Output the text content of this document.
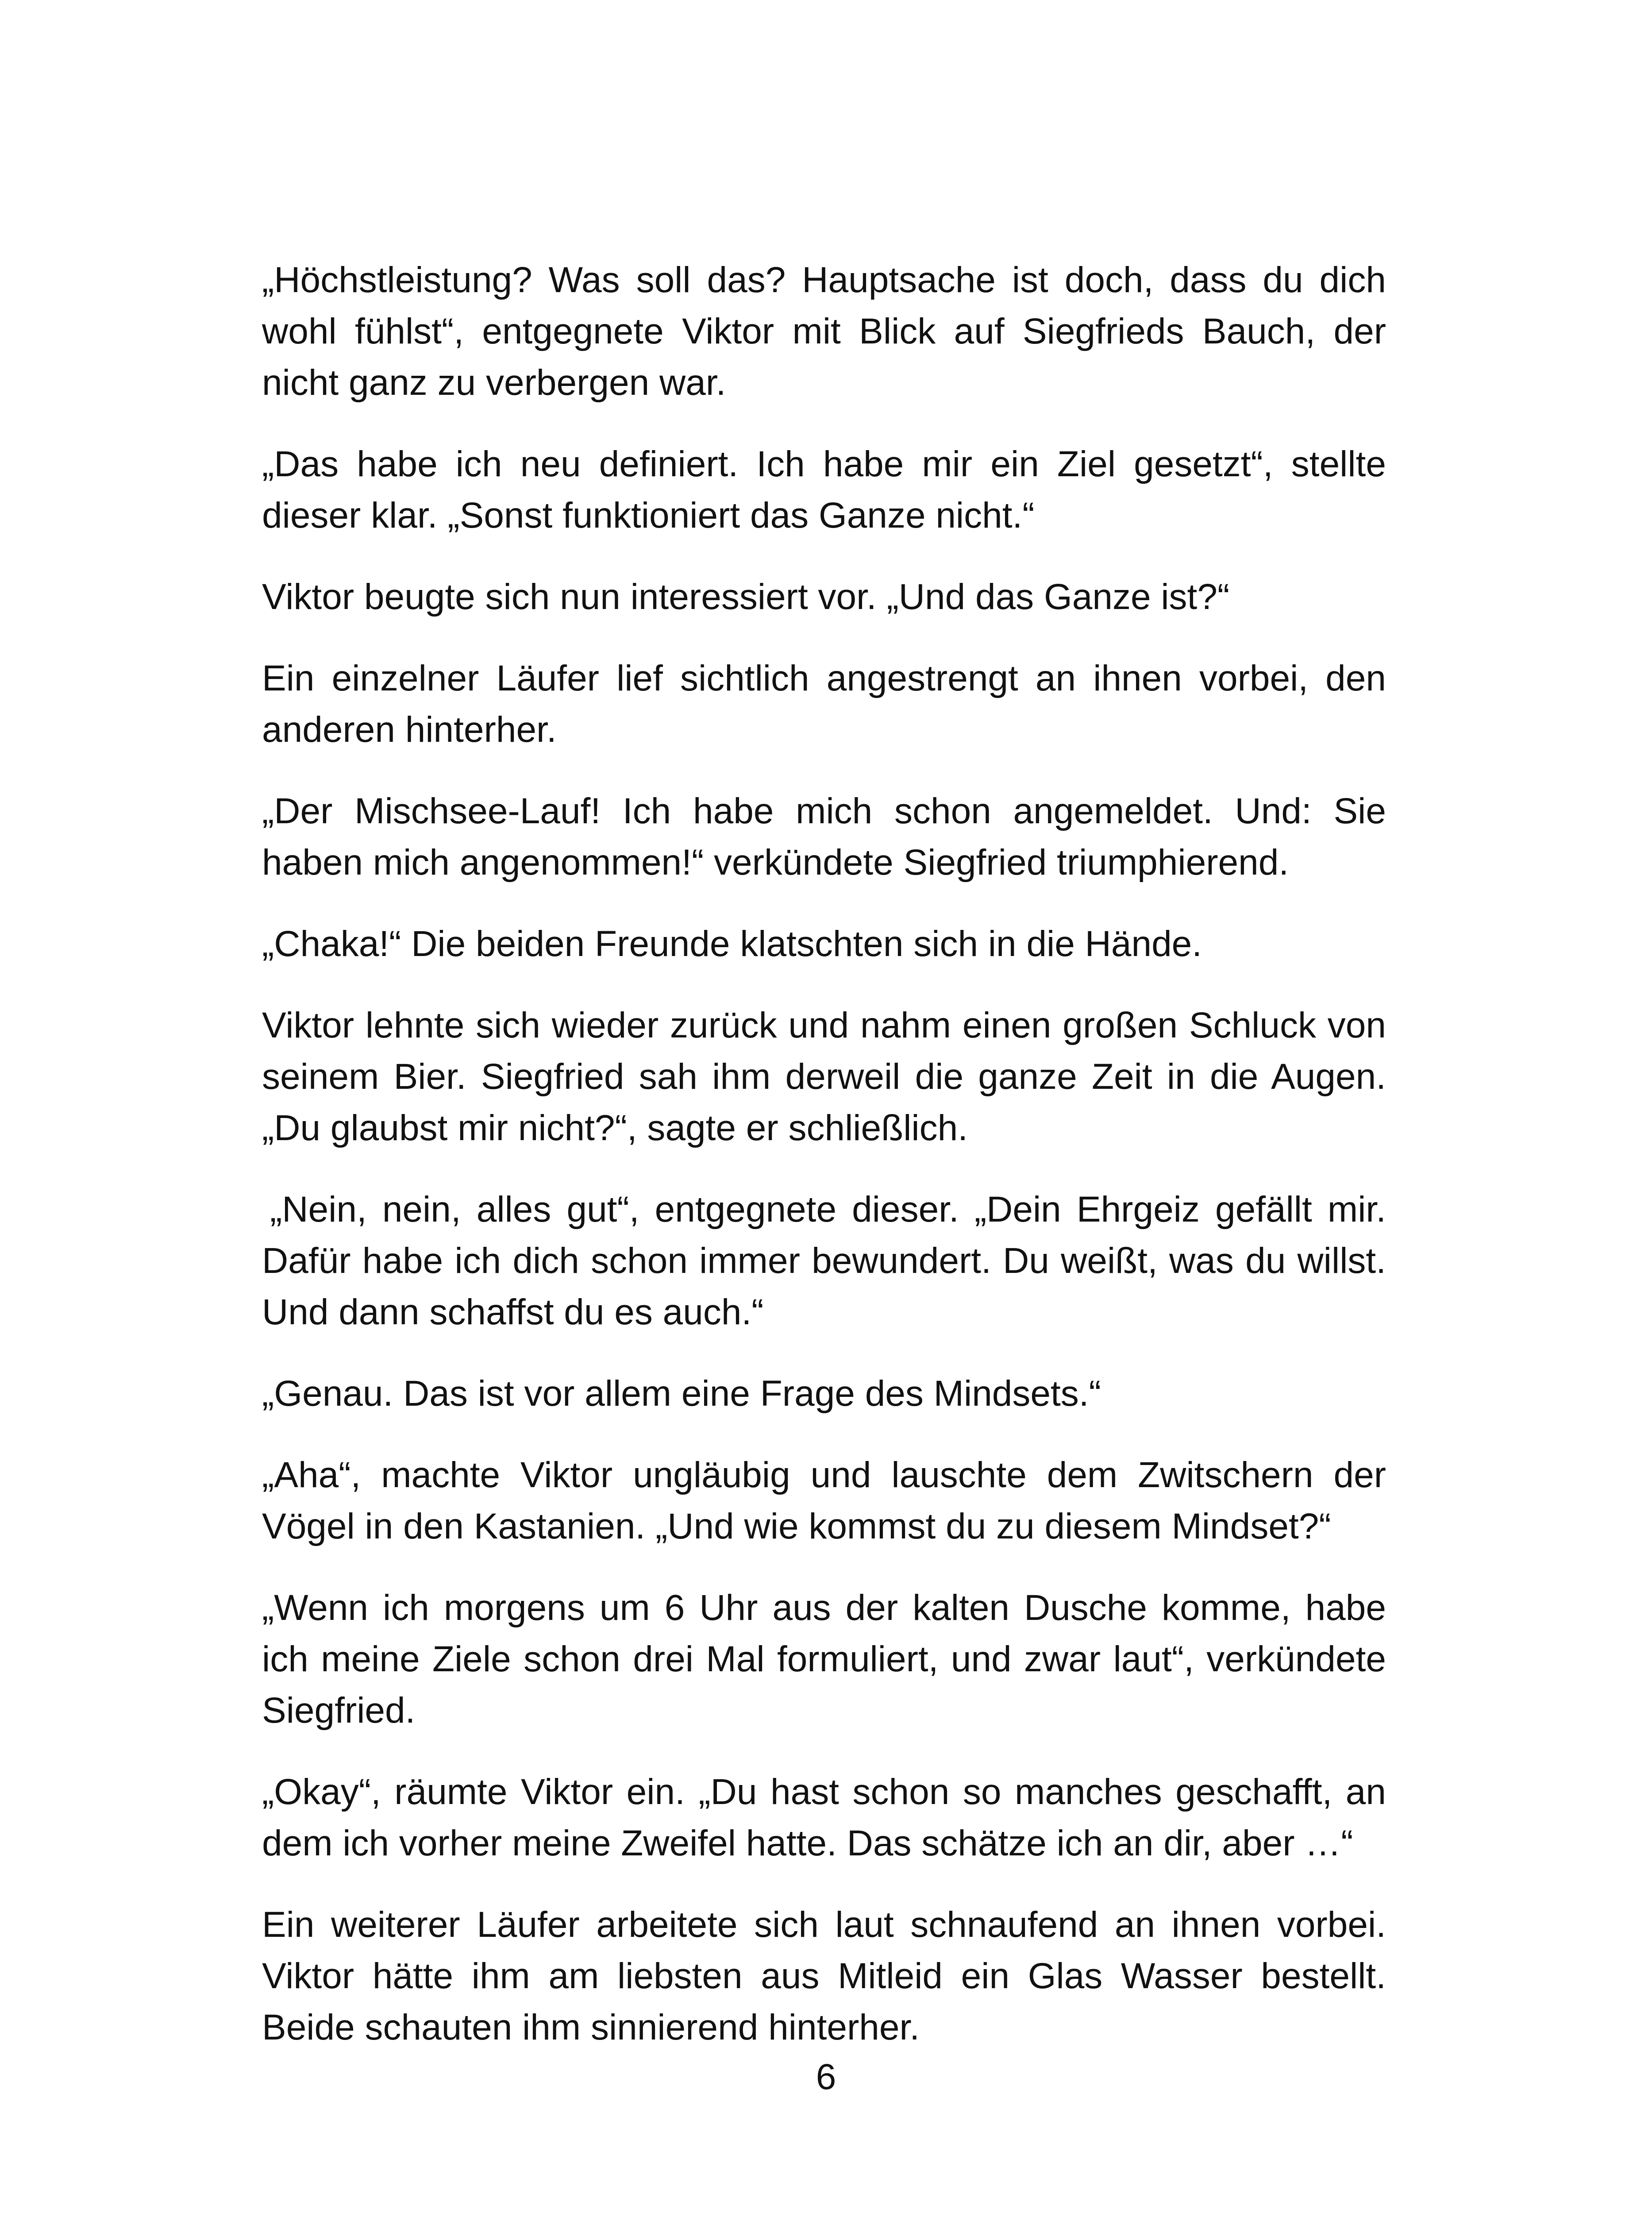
„Höchstleistung? Was soll das? Hauptsache ist doch, dass du dich wohl fühlst“, entgegnete Viktor mit Blick auf Siegfrieds Bauch, der nicht ganz zu verbergen war.

„Das habe ich neu definiert. Ich habe mir ein Ziel gesetzt“, stellte dieser klar. „Sonst funktioniert das Ganze nicht.“

Viktor beugte sich nun interessiert vor. „Und das Ganze ist?“

Ein einzelner Läufer lief sichtlich angestrengt an ihnen vorbei, den anderen hinterher.

„Der Mischsee-Lauf! Ich habe mich schon angemeldet. Und: Sie haben mich angenommen!“ verkündete Siegfried triumphierend.

„Chaka!“ Die beiden Freunde klatschten sich in die Hände.

Viktor lehnte sich wieder zurück und nahm einen großen Schluck von seinem Bier. Siegfried sah ihm derweil die ganze Zeit in die Augen. „Du glaubst mir nicht?“, sagte er schließlich.

„Nein, nein, alles gut“, entgegnete dieser. „Dein Ehrgeiz gefällt mir. Dafür habe ich dich schon immer bewundert. Du weißt, was du willst. Und dann schaffst du es auch.“

„Genau. Das ist vor allem eine Frage des Mindsets.“

„Aha“, machte Viktor ungläubig und lauschte dem Zwitschern der Vögel in den Kastanien. „Und wie kommst du zu diesem Mindset?“

„Wenn ich morgens um 6 Uhr aus der kalten Dusche komme, habe ich meine Ziele schon drei Mal formuliert, und zwar laut“, verkündete Siegfried.

„Okay“, räumte Viktor ein. „Du hast schon so manches geschafft, an dem ich vorher meine Zweifel hatte. Das schätze ich an dir, aber …“

Ein weiterer Läufer arbeitete sich laut schnaufend an ihnen vorbei. Viktor hätte ihm am liebsten aus Mitleid ein Glas Wasser bestellt. Beide schauten ihm sinnierend hinterher.

6
